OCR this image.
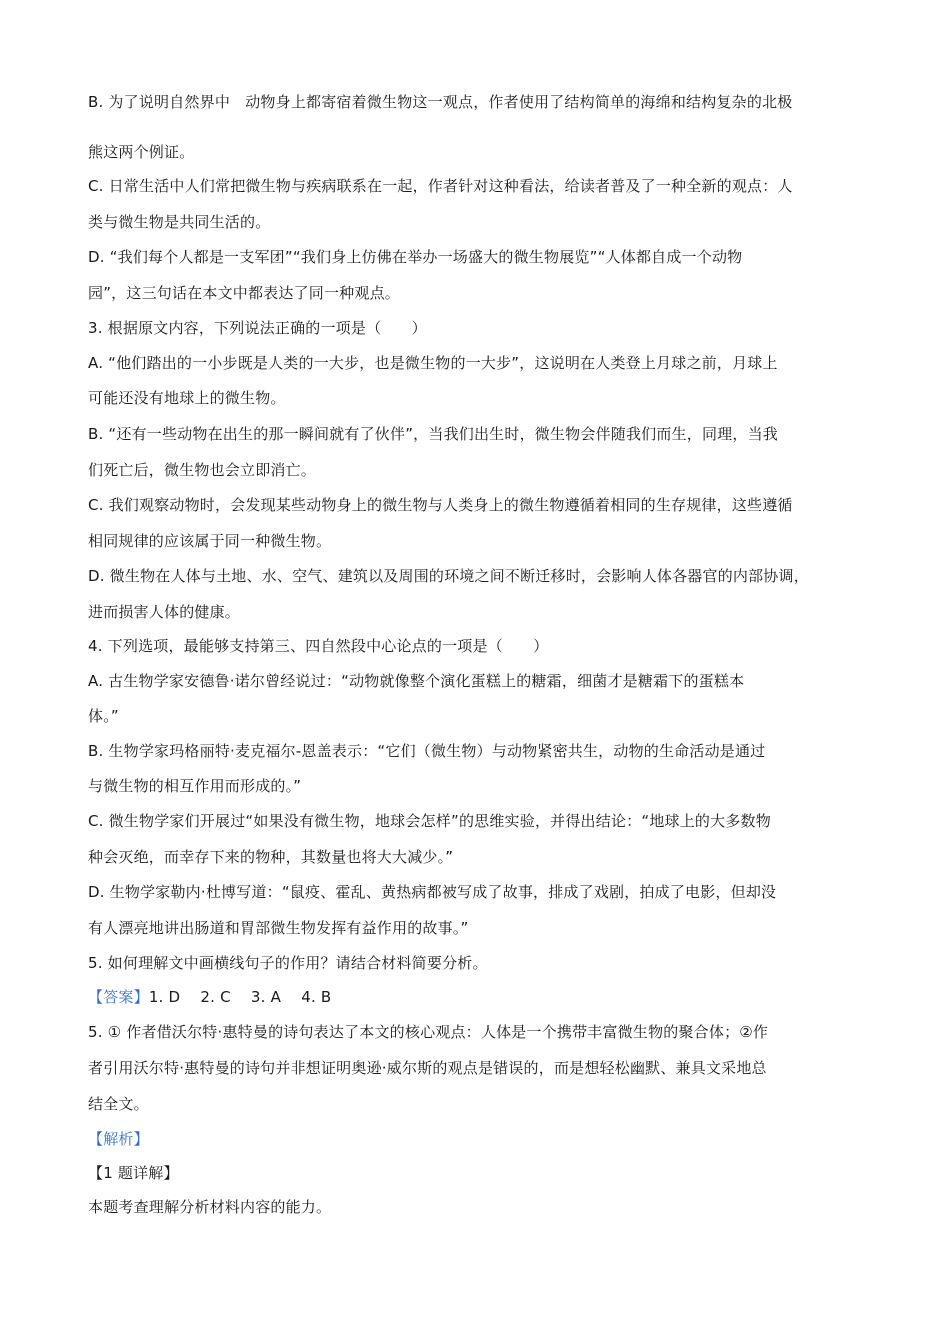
B. 为了说明自然界中　动物身上都寄宿着微生物这一观点，作者使用了结构简单的海绵和结构复杂的北极
熊这两个例证。
C. 日常生活中人们常把微生物与疾病联系在一起，作者针对这种看法，给读者普及了一种全新的观点：人
类与微生物是共同生活的。
D. “我们每个人都是一支军团”“我们身上仿佛在举办一场盛大的微生物展览”“人体都自成一个动物
园”，这三句话在本文中都表达了同一种观点。
3. 根据原文内容，下列说法正确的一项是（　　）
A. “他们踏出的一小步既是人类的一大步，也是微生物的一大步”，这说明在人类登上月球之前，月球上
可能还没有地球上的微生物。
B. “还有一些动物在出生的那一瞬间就有了伙伴”，当我们出生时，微生物会伴随我们而生，同理，当我
们死亡后，微生物也会立即消亡。
C. 我们观察动物时，会发现某些动物身上的微生物与人类身上的微生物遵循着相同的生存规律，这些遵循
相同规律的应该属于同一种微生物。
D. 微生物在人体与土地、水、空气、建筑以及周围的环境之间不断迁移时，会影响人体各器官的内部协调，
进而损害人体的健康。
4. 下列选项，最能够支持第三、四自然段中心论点的一项是（　　）
A. 古生物学家安德鲁·诺尔曾经说过：“动物就像整个演化蛋糕上的糖霜，细菌才是糖霜下的蛋糕本
体。”
B. 生物学家玛格丽特·麦克福尔-恩盖表示：“它们（微生物）与动物紧密共生，动物的生命活动是通过
与微生物的相互作用而形成的。”
C. 微生物学家们开展过“如果没有微生物，地球会怎样”的思维实验，并得出结论：“地球上的大多数物
种会灭绝，而幸存下来的物种，其数量也将大大减少。”
D. 生物学家勒内·杜博写道：“鼠疫、霍乱、黄热病都被写成了故事，排成了戏剧，拍成了电影，但却没
有人漂亮地讲出肠道和胃部微生物发挥有益作用的故事。”
5. 如何理解文中画横线句子的作用？请结合材料简要分析。
【答案】1. D  2. C  3. A  4. B
5. ① 作者借沃尔特·惠特曼的诗句表达了本文的核心观点：人体是一个携带丰富微生物的聚合体；②作
者引用沃尔特·惠特曼的诗句并非想证明奥逊·威尔斯的观点是错误的，而是想轻松幽默、兼具文采地总
结全文。
【解析】
【1 题详解】
本题考查理解分析材料内容的能力。
